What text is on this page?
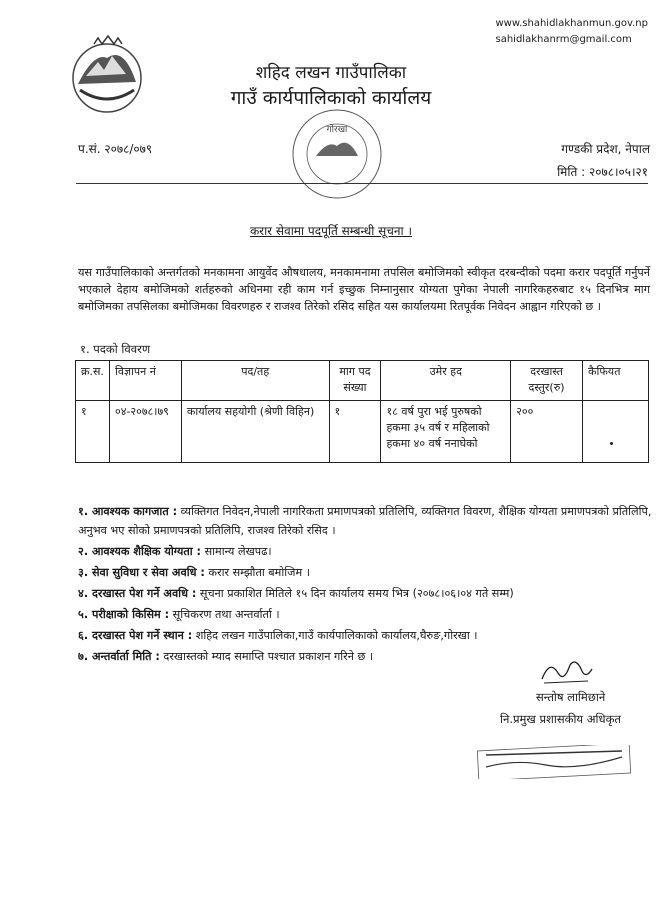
www.shahidlakhanmun.gov.np
sahidlakhanrm@gmail.com
शहिद लखन गाउँपालिका
गाउँ कार्यपालिकाको कार्यालय
गोरखा
प.सं. २०७८/०७९	गण्डकी प्रदेश, नेपाल
मिति : २०७८।०५।२१
करार सेवामा पदपूर्ति सम्बन्धी सूचना ।
यस गाउँपालिकाको अन्तर्गतको मनकामना आयुर्वेद औषधालय, मनकामनामा तपसिल बमोजिमको स्वीकृत दरबन्दीको पदमा करार पदपूर्ति गर्नुपर्ने भएकाले देहाय बमोजिमको शर्तहरुको अधिनमा रही काम गर्न इच्छुक निम्नानुसार योग्यता पुगेका नेपाली नागरिकहरुबाट १५ दिनभित्र माग बमोजिमका तपसिलका बमोजिमका विवरणहरु र राजश्व तिरेको रसिद सहित यस कार्यालयमा रितपूर्वक निवेदन आह्वान गरिएको छ ।
१. पदको विवरण
क्र.स.	विज्ञापन नं	पद/तह	माग पद संख्या	उमेर हद	दरखास्त दस्तुर(रु)	कैफियत
१	०४-२०७८।७९	कार्यालय सहयोगी (श्रेणी विहिन)	१	१८ वर्ष पुरा भई पुरुषको हकमा ३५ वर्ष र महिलाको हकमा ४० वर्ष ननाघेको	२००	
१. आवश्यक कागजात : व्यक्तिगत निवेदन,नेपाली नागरिकता प्रमाणपत्रको प्रतिलिपि, व्यक्तिगत विवरण, शैक्षिक योग्यता प्रमाणपत्रको प्रतिलिपि, अनुभव भए सोको प्रमाणपत्रको प्रतिलिपि, राजश्व तिरेको रसिद ।
२. आवश्यक शैक्षिक योग्यता : सामान्य लेखपढ।
३. सेवा सुविधा र सेवा अवधि : करार सम्झौता बमोजिम ।
४. दरखास्त पेश गर्ने अवधि : सूचना प्रकाशित मितिले १५ दिन कार्यालय समय भित्र (२०७८।०६।०४ गते सम्म)
५. परीक्षाको किसिम : सूचिकरण तथा अन्तर्वार्ता ।
६. दरखास्त पेश गर्ने स्थान : शहिद लखन गाउँपालिका,गाउँ कार्यपालिकाको कार्यालय,घैरुङ,गोरखा ।
७. अन्तर्वार्ता मिति : दरखास्तको म्याद समाप्ति पश्चात प्रकाशन गरिने छ ।
सन्तोष लामिछाने
नि.प्रमुख प्रशासकीय अधिकृत
